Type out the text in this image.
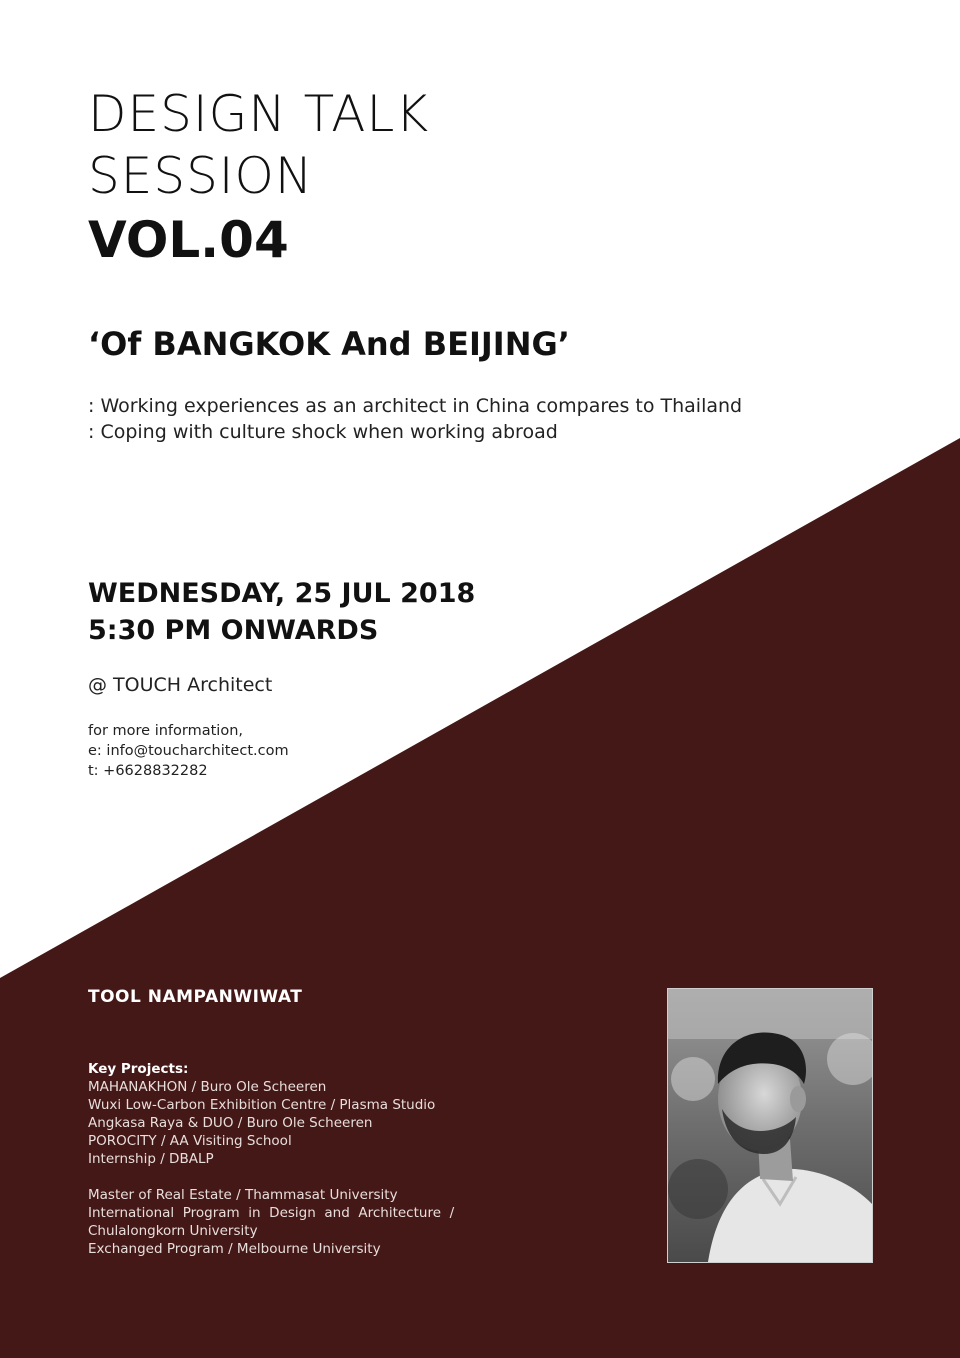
DESIGN TALK
SESSION
VOL.04
‘Of BANGKOK And BEIJING’
: Working experiences as an architect in China compares to Thailand
: Coping with culture shock when working abroad
WEDNESDAY, 25 JUL 2018
5:30 PM ONWARDS
@ TOUCH Architect
for more information,
e: info@toucharchitect.com
t: +6628832282
TOOL NAMPANWIWAT
Key Projects:
MAHANAKHON / Buro Ole Scheeren
Wuxi Low-Carbon Exhibition Centre / Plasma Studio
Angkasa Raya & DUO / Buro Ole Scheeren
POROCITY / AA Visiting School
Internship / DBALP
Master of Real Estate / Thammasat University
International  Program  in  Design  and  Architecture  /
Chulalongkorn University
Exchanged Program / Melbourne University
